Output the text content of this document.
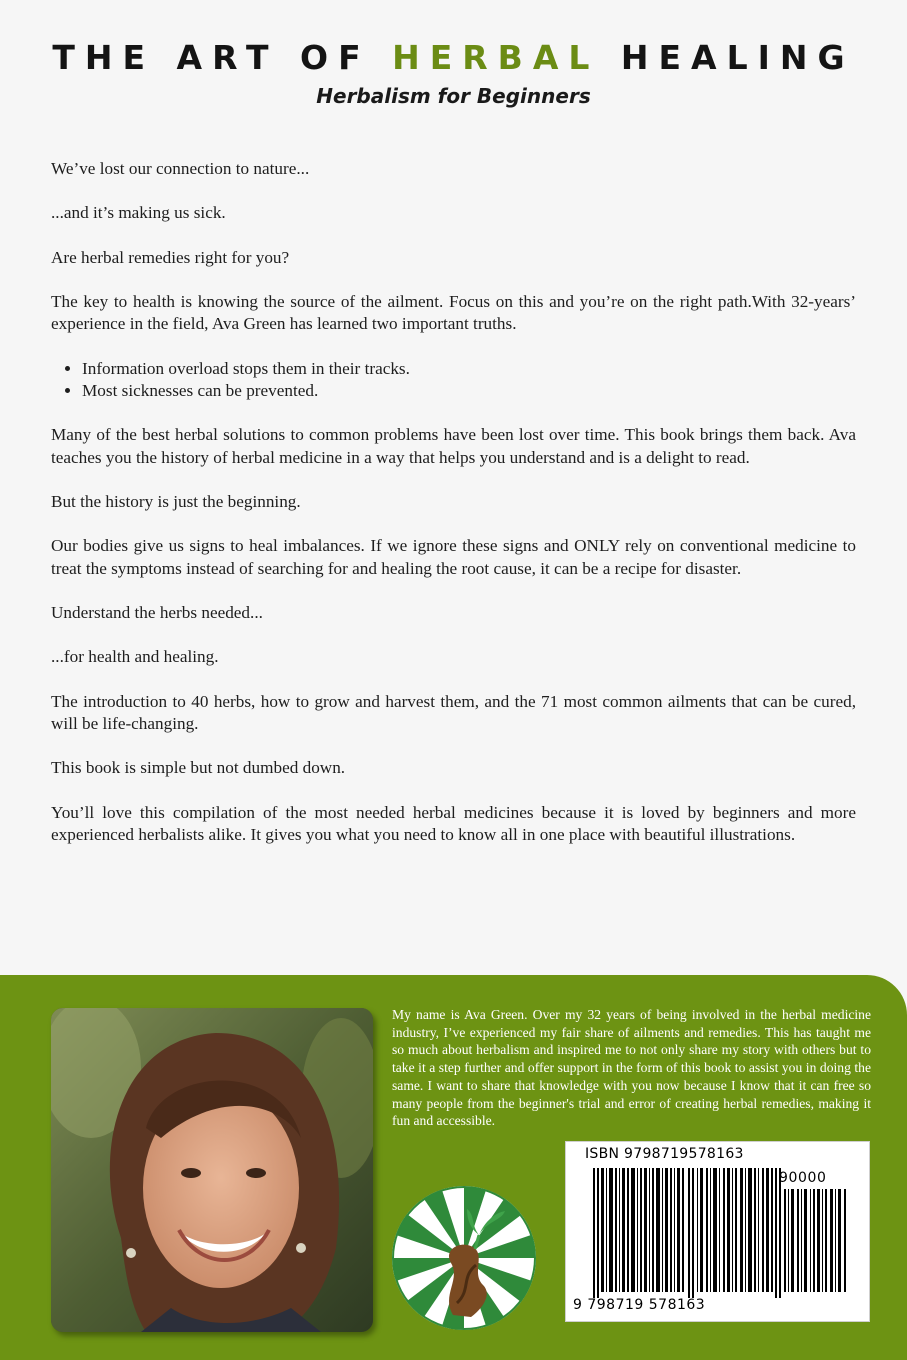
THE ART OF HERBAL HEALING
Herbalism for Beginners

We’ve lost our connection to nature...

...and it’s making us sick.

Are herbal remedies right for you?

The key to health is knowing the source of the ailment. Focus on this and you’re on the right path.With 32-years’ experience in the field, Ava Green has learned two important truths.

• Information overload stops them in their tracks.
• Most sicknesses can be prevented.

Many of the best herbal solutions to common problems have been lost over time. This book brings them back. Ava teaches you the history of herbal medicine in a way that helps you understand and is a delight to read.

But the history is just the beginning.

Our bodies give us signs to heal imbalances. If we ignore these signs and ONLY rely on conventional medicine to treat the symptoms instead of searching for and healing the root cause, it can be a recipe for disaster.

Understand the herbs needed...

...for health and healing.

The introduction to 40 herbs, how to grow and harvest them, and the 71 most common ailments that can be cured, will be life-changing.

This book is simple but not dumbed down.

You’ll love this compilation of the most needed herbal medicines because it is loved by beginners and more experienced herbalists alike. It gives you what you need to know all in one place with beautiful illustrations.

My name is Ava Green. Over my 32 years of being involved in the herbal medicine industry, I’ve experienced my fair share of ailments and remedies. This has taught me so much about herbalism and inspired me to not only share my story with others but to take it a step further and offer support in the form of this book to assist you in doing the same. I want to share that knowledge with you now because I know that it can free so many people from the beginner's trial and error of creating herbal remedies, making it fun and accessible.
ISBN 9798719578163
90000
9 798719 578163
